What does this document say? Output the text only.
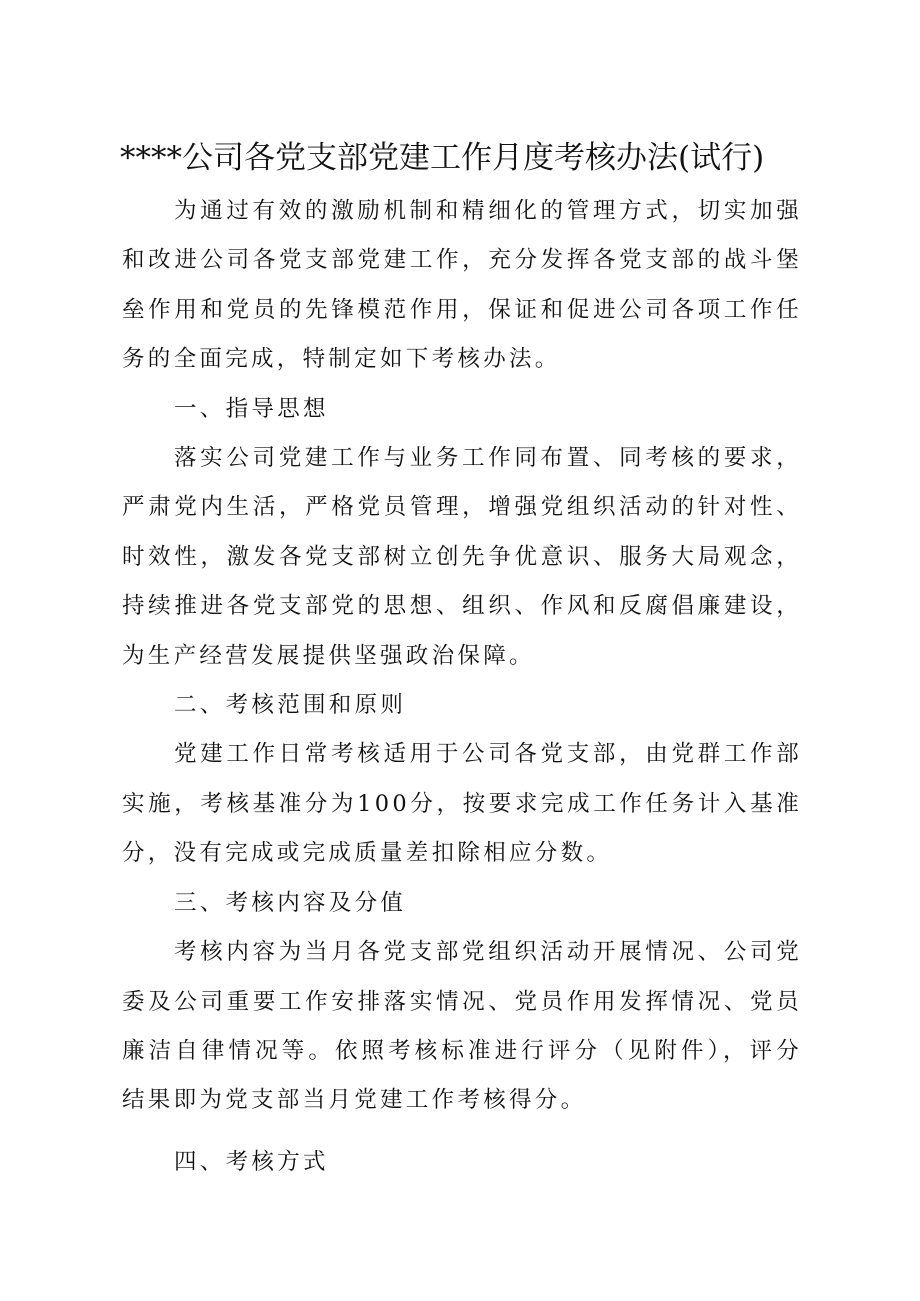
****公司各党支部党建工作月度考核办法(试行)

为通过有效的激励机制和精细化的管理方式，切实加强和改进公司各党支部党建工作，充分发挥各党支部的战斗堡垒作用和党员的先锋模范作用，保证和促进公司各项工作任务的全面完成，特制定如下考核办法。

一、指导思想

落实公司党建工作与业务工作同布置、同考核的要求，严肃党内生活，严格党员管理，增强党组织活动的针对性、时效性，激发各党支部树立创先争优意识、服务大局观念，持续推进各党支部党的思想、组织、作风和反腐倡廉建设，为生产经营发展提供坚强政治保障。

二、考核范围和原则

党建工作日常考核适用于公司各党支部，由党群工作部实施，考核基准分为100分，按要求完成工作任务计入基准分，没有完成或完成质量差扣除相应分数。

三、考核内容及分值

考核内容为当月各党支部党组织活动开展情况、公司党委及公司重要工作安排落实情况、党员作用发挥情况、党员廉洁自律情况等。依照考核标准进行评分（见附件），评分结果即为党支部当月党建工作考核得分。

四、考核方式
